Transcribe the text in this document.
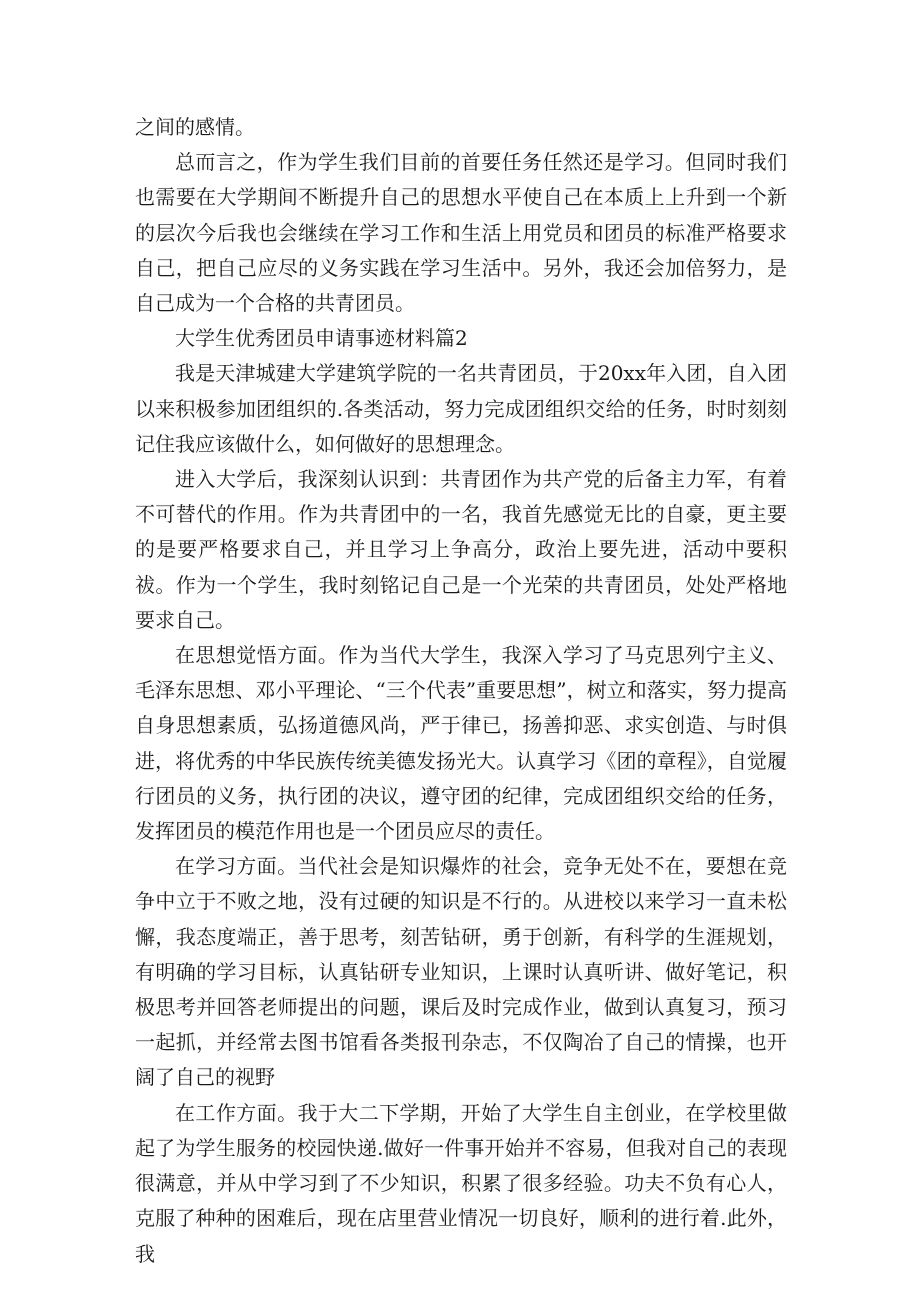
之间的感情。

总而言之，作为学生我们目前的首要任务任然还是学习。但同时我们也需要在大学期间不断提升自己的思想水平使自己在本质上上升到一个新的层次今后我也会继续在学习工作和生活上用党员和团员的标准严格要求自己，把自己应尽的义务实践在学习生活中。另外，我还会加倍努力，是自己成为一个合格的共青团员。

大学生优秀团员申请事迹材料篇2

我是天津城建大学建筑学院的一名共青团员，于20xx年入团，自入团以来积极参加团组织的.各类活动，努力完成团组织交给的任务，时时刻刻记住我应该做什么，如何做好的思想理念。

进入大学后，我深刻认识到：共青团作为共产党的后备主力军，有着不可替代的作用。作为共青团中的一名，我首先感觉无比的自豪，更主要的是要严格要求自己，并且学习上争高分，政治上要先进，活动中要积祓。作为一个学生，我时刻铭记自己是一个光荣的共青团员，处处严格地要求自己。

在思想觉悟方面。作为当代大学生，我深入学习了马克思列宁主义、毛泽东思想、邓小平理论、“三个代表”重要思想”，树立和落实，努力提高自身思想素质，弘扬道德风尚，严于律已，扬善抑恶、求实创造、与时俱进，将优秀的中华民族传统美德发扬光大。认真学习《团的章程》，自觉履行团员的义务，执行团的决议，遵守团的纪律，完成团组织交给的任务，发挥团员的模范作用也是一个团员应尽的责任。

在学习方面。当代社会是知识爆炸的社会，竞争无处不在，要想在竞争中立于不败之地，没有过硬的知识是不行的。从进校以来学习一直未松懈，我态度端正，善于思考，刻苦钻研，勇于创新，有科学的生涯规划，有明确的学习目标，认真钻研专业知识，上课时认真听讲、做好笔记，积极思考并回答老师提出的问题，课后及时完成作业，做到认真复习，预习一起抓，并经常去图书馆看各类报刊杂志，不仅陶冶了自己的情操，也开阔了自己的视野

在工作方面。我于大二下学期，开始了大学生自主创业，在学校里做起了为学生服务的校园快递.做好一件事开始并不容易，但我对自己的表现很满意，并从中学习到了不少知识，积累了很多经验。功夫不负有心人，克服了种种的困难后，现在店里营业情况一切良好，顺利的进行着.此外，我
